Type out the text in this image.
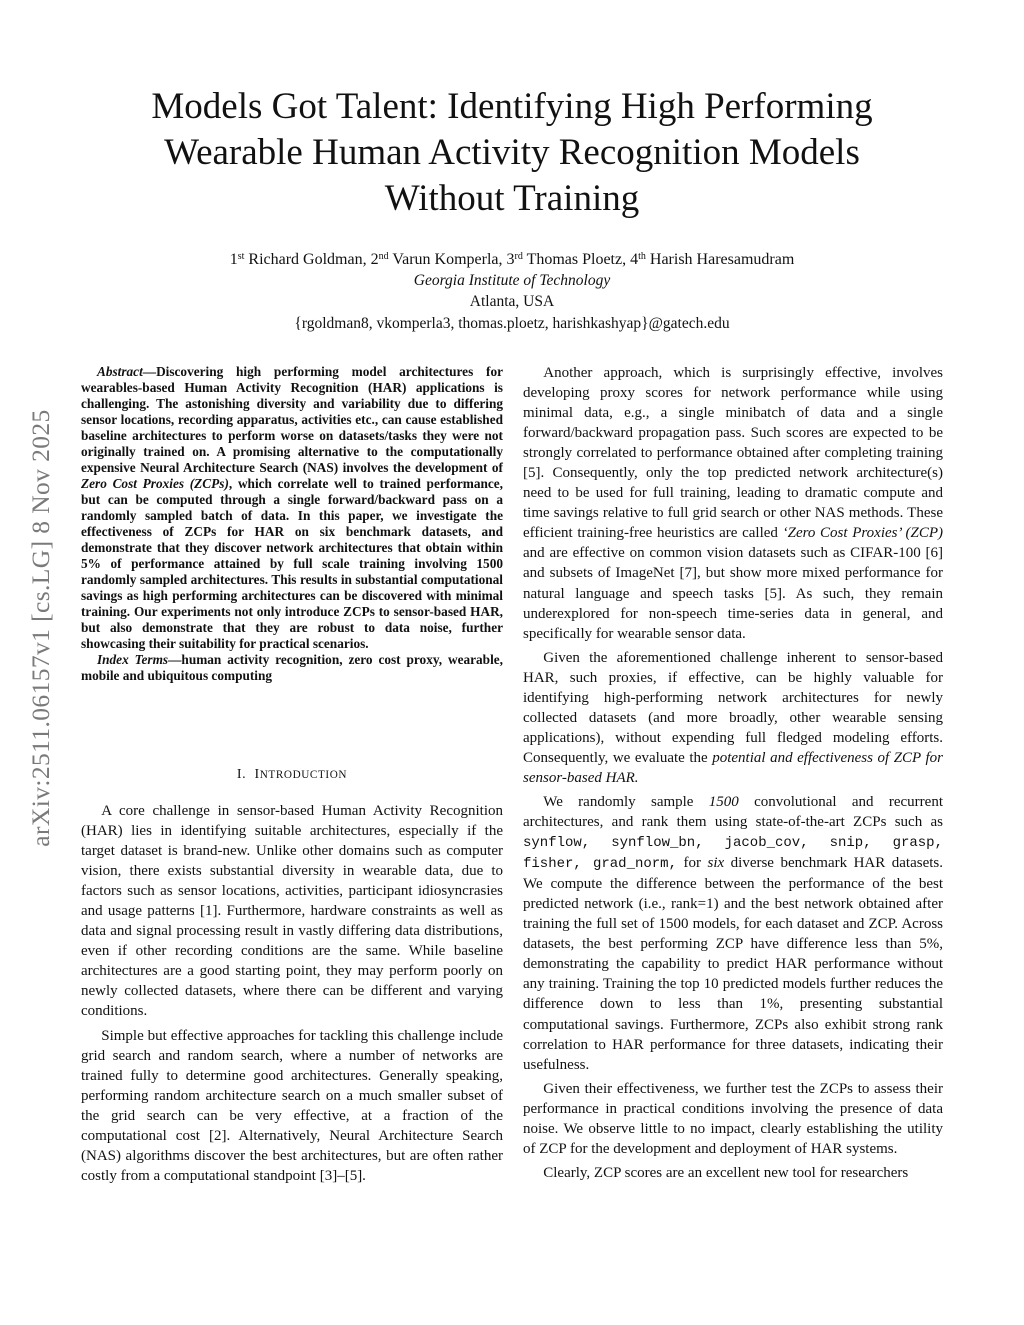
arXiv:2511.06157v1 [cs.LG] 8 Nov 2025
Models Got Talent: Identifying High Performing
Wearable Human Activity Recognition Models
Without Training
1st Richard Goldman, 2nd Varun Komperla, 3rd Thomas Ploetz, 4th Harish Haresamudram
Georgia Institute of Technology
Atlanta, USA
{rgoldman8, vkomperla3, thomas.ploetz, harishkashyap}@gatech.edu

Abstract—Discovering high performing model architectures for wearables-based Human Activity Recognition (HAR) applications is challenging. The astonishing diversity and variability due to differing sensor locations, recording apparatus, activities etc., can cause established baseline architectures to perform worse on datasets/tasks they were not originally trained on. A promising alternative to the computationally expensive Neural Architecture Search (NAS) involves the development of Zero Cost Proxies (ZCPs), which correlate well to trained performance, but can be computed through a single forward/backward pass on a randomly sampled batch of data. In this paper, we investigate the effectiveness of ZCPs for HAR on six benchmark datasets, and demonstrate that they discover network architectures that obtain within 5% of performance attained by full scale training involving 1500 randomly sampled architectures. This results in substantial computational savings as high performing architectures can be discovered with minimal training. Our experiments not only introduce ZCPs to sensor-based HAR, but also demonstrate that they are robust to data noise, further showcasing their suitability for practical scenarios.

Index Terms—human activity recognition, zero cost proxy, wearable, mobile and ubiquitous computing

I. INTRODUCTION

A core challenge in sensor-based Human Activity Recognition (HAR) lies in identifying suitable architectures, especially if the target dataset is brand-new. Unlike other domains such as computer vision, there exists substantial diversity in wearable data, due to factors such as sensor locations, activities, participant idiosyncrasies and usage patterns [1]. Furthermore, hardware constraints as well as data and signal processing result in vastly differing data distributions, even if other recording conditions are the same. While baseline architectures are a good starting point, they may perform poorly on newly collected datasets, where there can be different and varying conditions.

Simple but effective approaches for tackling this challenge include grid search and random search, where a number of networks are trained fully to determine good architectures. Generally speaking, performing random architecture search on a much smaller subset of the grid search can be very effective, at a fraction of the computational cost [2]. Alternatively, Neural Architecture Search (NAS) algorithms discover the best architectures, but are often rather costly from a computational standpoint [3]–[5].

Another approach, which is surprisingly effective, involves developing proxy scores for network performance while using minimal data, e.g., a single minibatch of data and a single forward/backward propagation pass. Such scores are expected to be strongly correlated to performance obtained after completing training [5]. Consequently, only the top predicted network architecture(s) need to be used for full training, leading to dramatic compute and time savings relative to full grid search or other NAS methods. These efficient training-free heuristics are called ‘Zero Cost Proxies’ (ZCP) and are effective on common vision datasets such as CIFAR-100 [6] and subsets of ImageNet [7], but show more mixed performance for natural language and speech tasks [5]. As such, they remain underexplored for non-speech time-series data in general, and specifically for wearable sensor data.

Given the aforementioned challenge inherent to sensor-based HAR, such proxies, if effective, can be highly valuable for identifying high-performing network architectures for newly collected datasets (and more broadly, other wearable sensing applications), without expending full fledged modeling efforts. Consequently, we evaluate the potential and effectiveness of ZCP for sensor-based HAR.

We randomly sample 1500 convolutional and recurrent architectures, and rank them using state-of-the-art ZCPs such as synflow, synflow_bn, jacob_cov, snip, grasp, fisher, grad_norm, for six diverse benchmark HAR datasets. We compute the difference between the performance of the best predicted network (i.e., rank=1) and the best network obtained after training the full set of 1500 models, for each dataset and ZCP. Across datasets, the best performing ZCP have difference less than 5%, demonstrating the capability to predict HAR performance without any training. Training the top 10 predicted models further reduces the difference down to less than 1%, presenting substantial computational savings. Furthermore, ZCPs also exhibit strong rank correlation to HAR performance for three datasets, indicating their usefulness.

Given their effectiveness, we further test the ZCPs to assess their performance in practical conditions involving the presence of data noise. We observe little to no impact, clearly establishing the utility of ZCP for the development and deployment of HAR systems.

Clearly, ZCP scores are an excellent new tool for researchers
